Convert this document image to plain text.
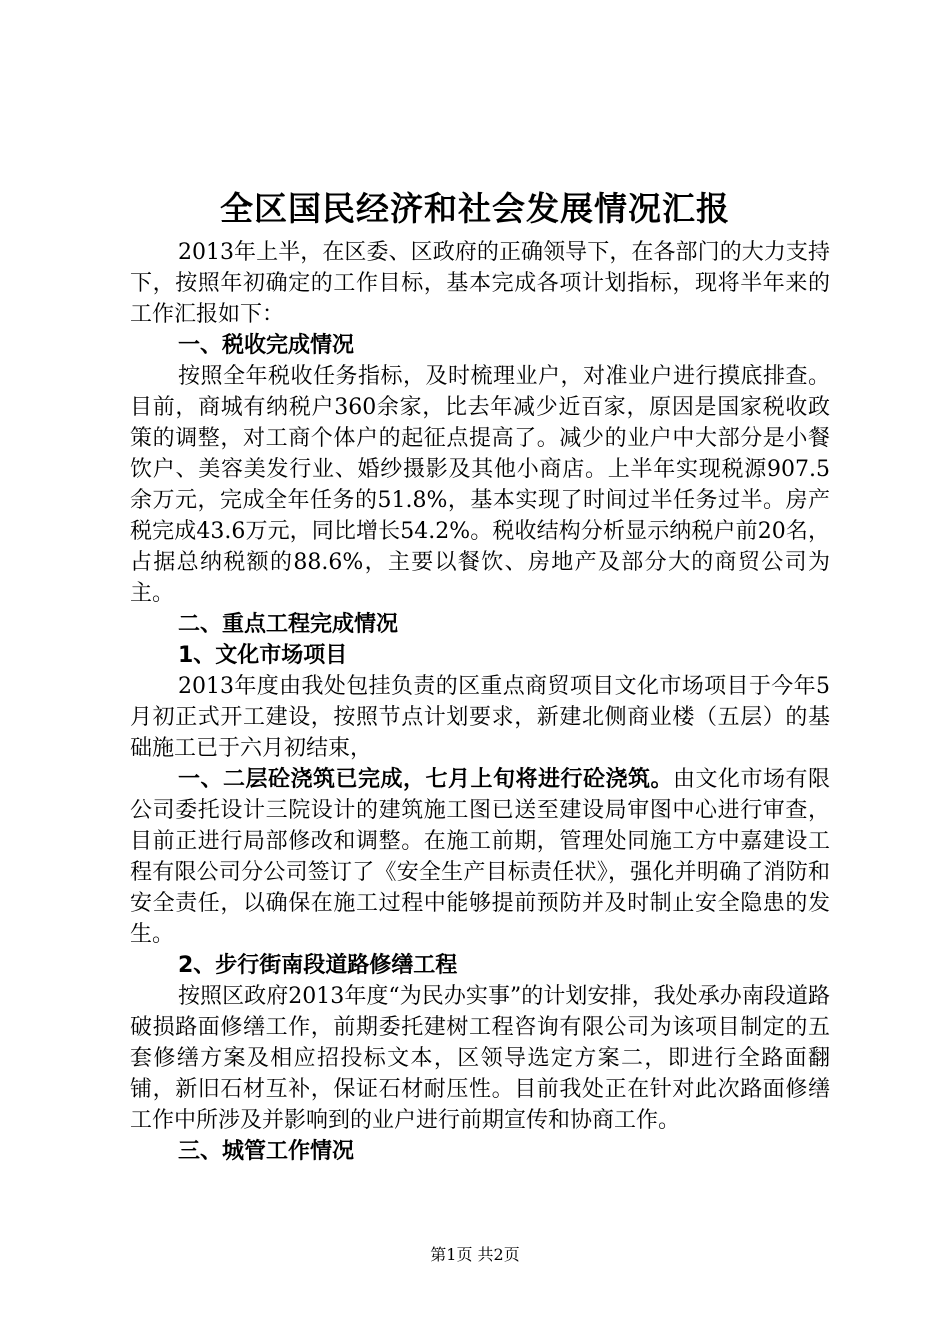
全区国民经济和社会发展情况汇报

2013年上半，在区委、区政府的正确领导下，在各部门的大力支持下，按照年初确定的工作目标，基本完成各项计划指标，现将半年来的工作汇报如下：

一、税收完成情况

按照全年税收任务指标，及时梳理业户，对准业户进行摸底排查。目前，商城有纳税户360余家，比去年减少近百家，原因是国家税收政策的调整，对工商个体户的起征点提高了。减少的业户中大部分是小餐饮户、美容美发行业、婚纱摄影及其他小商店。上半年实现税源907.5余万元，完成全年任务的51.8%，基本实现了时间过半任务过半。房产税完成43.6万元，同比增长54.2%。税收结构分析显示纳税户前20名，占据总纳税额的88.6%，主要以餐饮、房地产及部分大的商贸公司为主。

二、重点工程完成情况

1、文化市场项目

2013年度由我处包挂负责的区重点商贸项目文化市场项目于今年5月初正式开工建设，按照节点计划要求，新建北侧商业楼（五层）的基础施工已于六月初结束，

一、二层砼浇筑已完成，七月上旬将进行砼浇筑。由文化市场有限公司委托设计三院设计的建筑施工图已送至建设局审图中心进行审查，目前正进行局部修改和调整。在施工前期，管理处同施工方中嘉建设工程有限公司分公司签订了《安全生产目标责任状》，强化并明确了消防和安全责任，以确保在施工过程中能够提前预防并及时制止安全隐患的发生。

2、步行街南段道路修缮工程

按照区政府2013年度“为民办实事”的计划安排，我处承办南段道路破损路面修缮工作，前期委托建树工程咨询有限公司为该项目制定的五套修缮方案及相应招投标文本，区领导选定方案二，即进行全路面翻铺，新旧石材互补，保证石材耐压性。目前我处正在针对此次路面修缮工作中所涉及并影响到的业户进行前期宣传和协商工作。

三、城管工作情况

第1页 共2页
